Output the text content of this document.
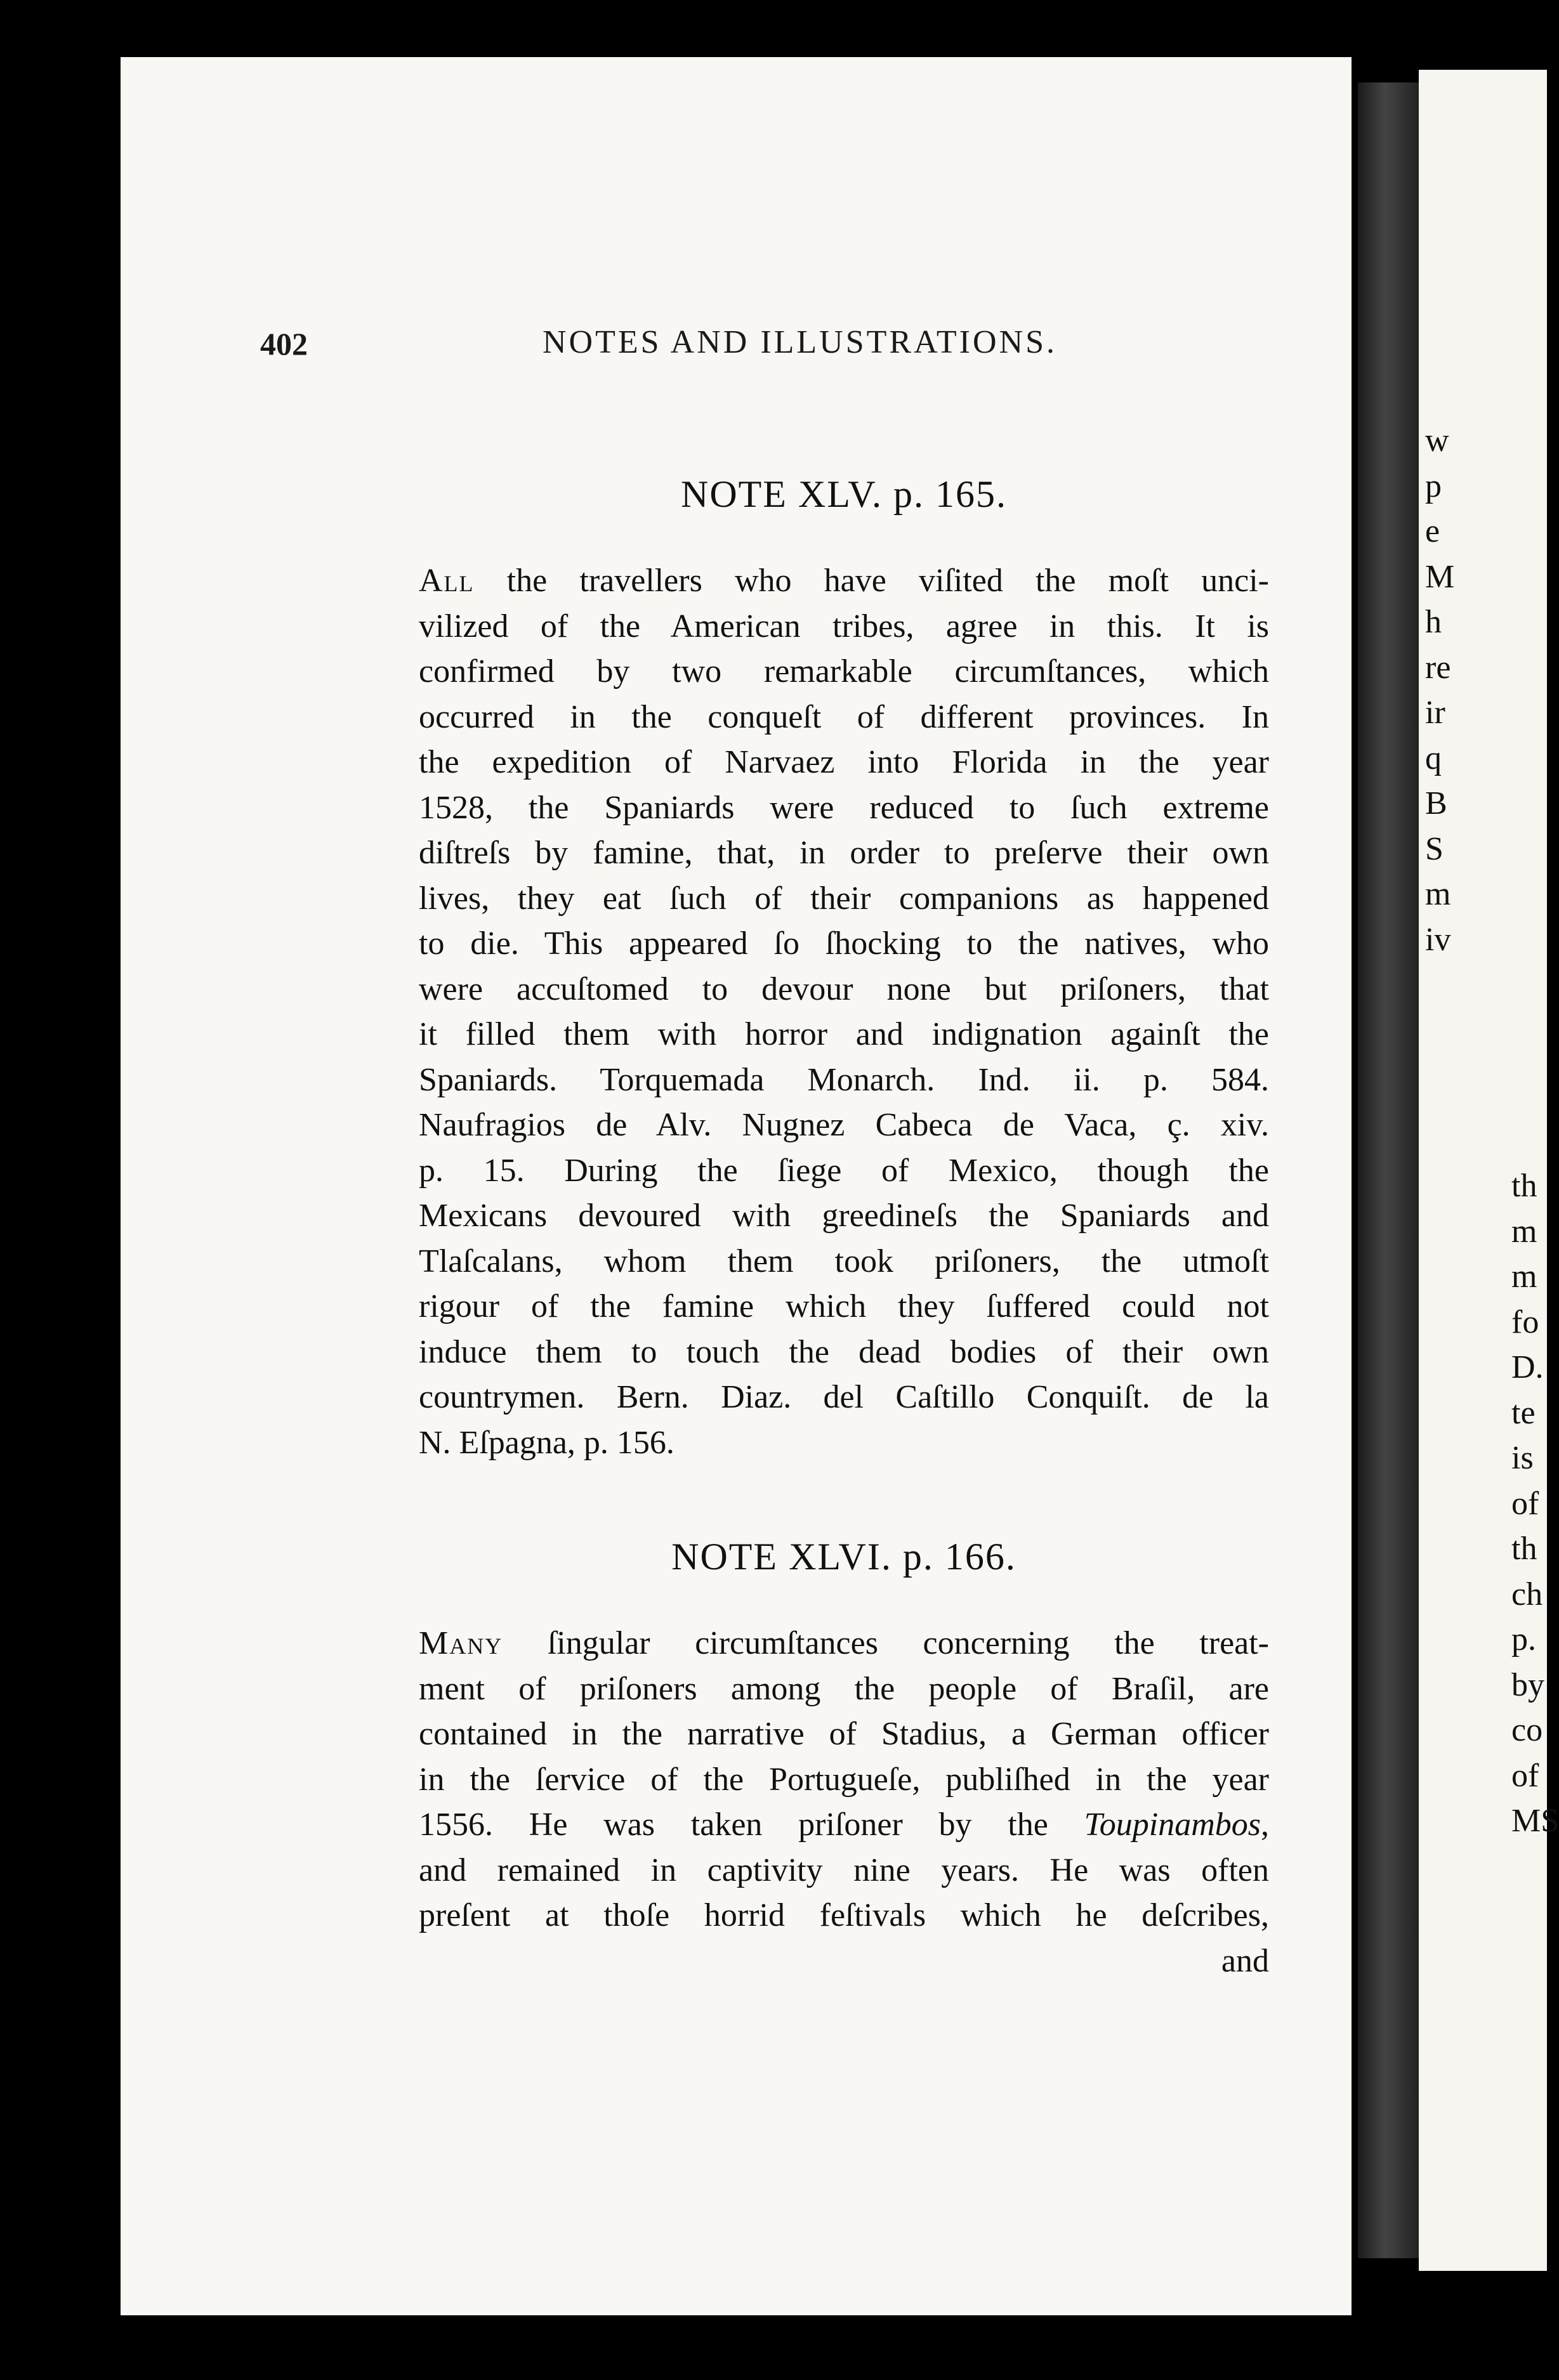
w
p
e
M
h
re
ir
q
B
S
m
iv
th
m
m
fo
D.
te
is
of
th
ch
p.
by
co
of
MS
402	NOTES AND ILLUSTRATIONS.
NOTE XLV. p. 165.
All the travellers who have viſited the moſt unci-
vilized of the American tribes, agree in this. It is
confirmed by two remarkable circumſtances, which
occurred in the conqueſt of different provinces. In
the expedition of Narvaez into Florida in the year
1528, the Spaniards were reduced to ſuch extreme
diſtreſs by famine, that, in order to preſerve their own
lives, they eat ſuch of their companions as happened
to die. This appeared ſo ſhocking to the natives, who
were accuſtomed to devour none but priſoners, that
it filled them with horror and indignation againſt the
Spaniards. Torquemada Monarch. Ind. ii. p. 584.
Naufragios de Alv. Nugnez Cabeca de Vaca, ç. xiv.
p. 15. During the ſiege of Mexico, though the
Mexicans devoured with greedineſs the Spaniards and
Tlaſcalans, whom them took priſoners, the utmoſt
rigour of the famine which they ſuffered could not
induce them to touch the dead bodies of their own
countrymen. Bern. Diaz. del Caſtillo Conquiſt. de la
N. Eſpagna, p. 156.
NOTE XLVI. p. 166.
Many ſingular circumſtances concerning the treat-
ment of priſoners among the people of Braſil, are
contained in the narrative of Stadius, a German officer
in the ſervice of the Portugueſe, publiſhed in the year
1556. He was taken priſoner by the Toupinambos,
and remained in captivity nine years. He was often
preſent at thoſe horrid feſtivals which he deſcribes,
and
